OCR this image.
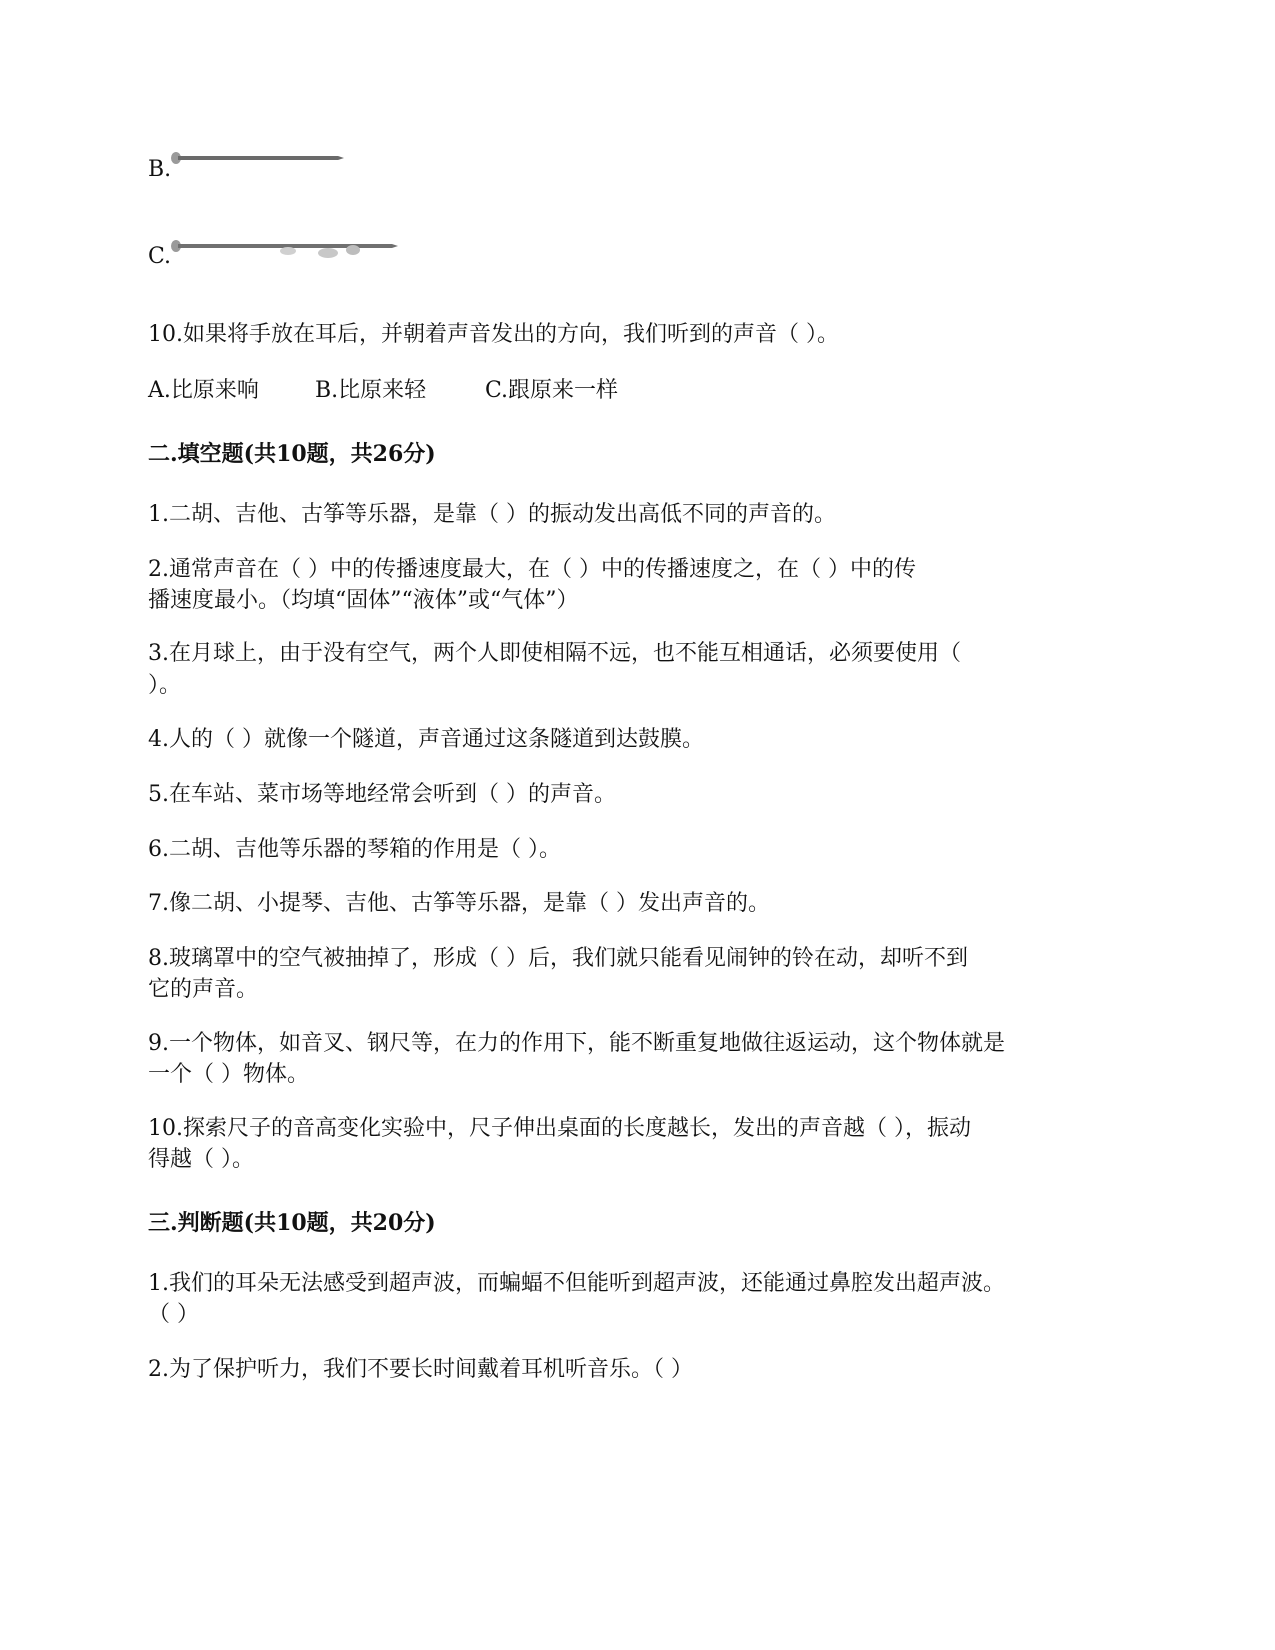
B.
C.
10.如果将手放在耳后，并朝着声音发出的方向，我们听到的声音（ ）。
A.比原来响	B.比原来轻	C.跟原来一样
二.填空题(共10题，共26分)
1.二胡、吉他、古筝等乐器，是靠（ ）的振动发出高低不同的声音的。
2.通常声音在（ ）中的传播速度最大，在（ ）中的传播速度之，在（ ）中的传
播速度最小。（均填“固体”“液体”或“气体”）
3.在月球上，由于没有空气，两个人即使相隔不远，也不能互相通话，必须要使用（
）。
4.人的（ ）就像一个隧道，声音通过这条隧道到达鼓膜。
5.在车站、菜市场等地经常会听到（ ）的声音。
6.二胡、吉他等乐器的琴箱的作用是（ ）。
7.像二胡、小提琴、吉他、古筝等乐器，是靠（ ）发出声音的。
8.玻璃罩中的空气被抽掉了，形成（ ）后，我们就只能看见闹钟的铃在动，却听不到
它的声音。
9.一个物体，如音叉、钢尺等，在力的作用下，能不断重复地做往返运动，这个物体就是
一个（ ）物体。
10.探索尺子的音高变化实验中，尺子伸出桌面的长度越长，发出的声音越（ ），振动
得越（ ）。
三.判断题(共10题，共20分)
1.我们的耳朵无法感受到超声波，而蝙蝠不但能听到超声波，还能通过鼻腔发出超声波。
（ ）
2.为了保护听力，我们不要长时间戴着耳机听音乐。（ ）
